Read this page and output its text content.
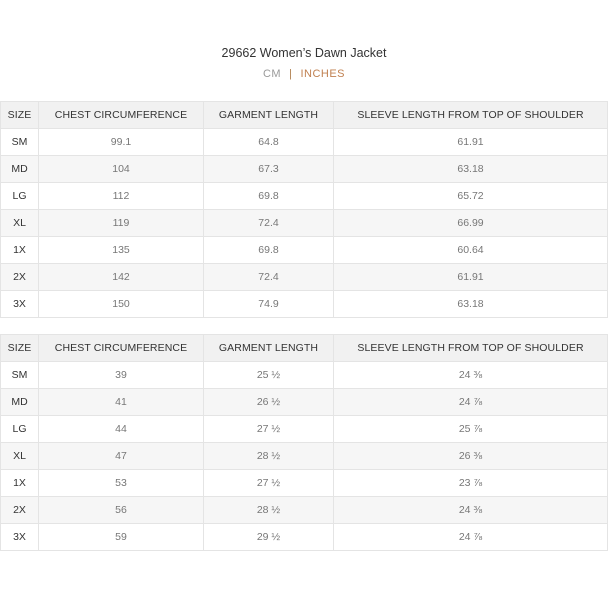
29662 Women’s Dawn Jacket
CM | INCHES
SIZE	CHEST CIRCUMFERENCE	GARMENT LENGTH	SLEEVE LENGTH FROM TOP OF SHOULDER
SM	99.1	64.8	61.91
MD	104	67.3	63.18
LG	112	69.8	65.72
XL	119	72.4	66.99
1X	135	69.8	60.64
2X	142	72.4	61.91
3X	150	74.9	63.18
SIZE	CHEST CIRCUMFERENCE	GARMENT LENGTH	SLEEVE LENGTH FROM TOP OF SHOULDER
SM	39	25 ½	24 ⅜
MD	41	26 ½	24 ⅞
LG	44	27 ½	25 ⅞
XL	47	28 ½	26 ⅜
1X	53	27 ½	23 ⅞
2X	56	28 ½	24 ⅜
3X	59	29 ½	24 ⅞
